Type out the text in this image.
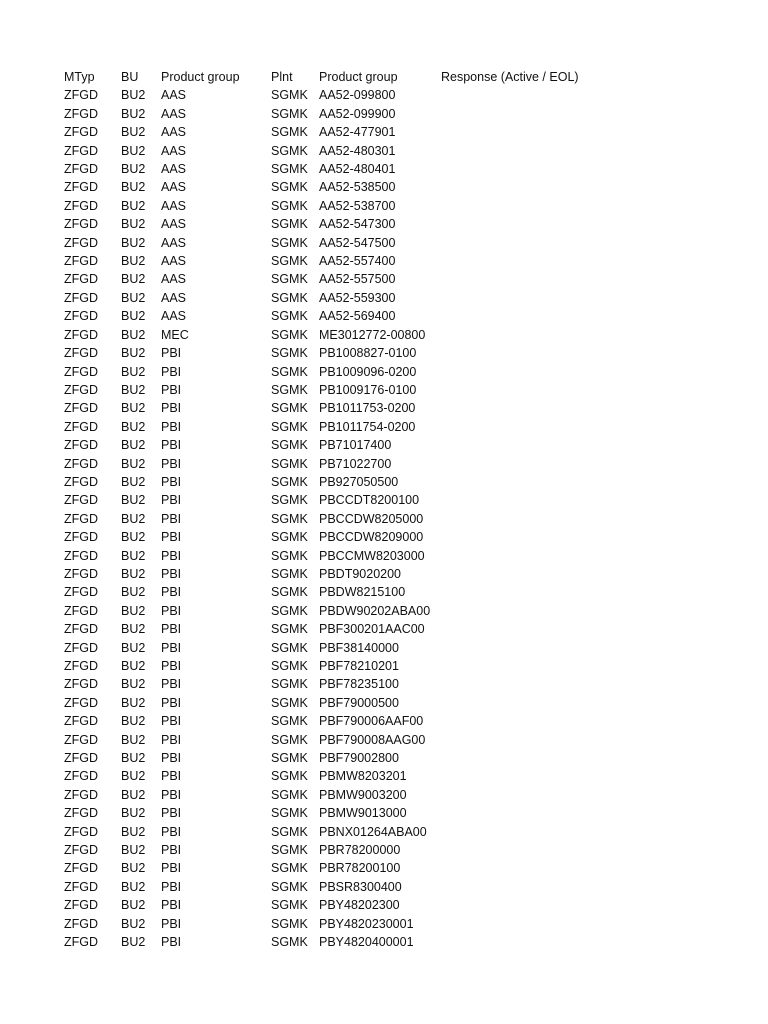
MTyp	BU	Product group	Plnt	Product group	Response (Active / EOL)
ZFGD	BU2	AAS	SGMK	AA52-099800	
ZFGD	BU2	AAS	SGMK	AA52-099900	
ZFGD	BU2	AAS	SGMK	AA52-477901	
ZFGD	BU2	AAS	SGMK	AA52-480301	
ZFGD	BU2	AAS	SGMK	AA52-480401	
ZFGD	BU2	AAS	SGMK	AA52-538500	
ZFGD	BU2	AAS	SGMK	AA52-538700	
ZFGD	BU2	AAS	SGMK	AA52-547300	
ZFGD	BU2	AAS	SGMK	AA52-547500	
ZFGD	BU2	AAS	SGMK	AA52-557400	
ZFGD	BU2	AAS	SGMK	AA52-557500	
ZFGD	BU2	AAS	SGMK	AA52-559300	
ZFGD	BU2	AAS	SGMK	AA52-569400	
ZFGD	BU2	MEC	SGMK	ME3012772-00800	
ZFGD	BU2	PBI	SGMK	PB1008827-0100	
ZFGD	BU2	PBI	SGMK	PB1009096-0200	
ZFGD	BU2	PBI	SGMK	PB1009176-0100	
ZFGD	BU2	PBI	SGMK	PB1011753-0200	
ZFGD	BU2	PBI	SGMK	PB1011754-0200	
ZFGD	BU2	PBI	SGMK	PB71017400	
ZFGD	BU2	PBI	SGMK	PB71022700	
ZFGD	BU2	PBI	SGMK	PB927050500	
ZFGD	BU2	PBI	SGMK	PBCCDT8200100	
ZFGD	BU2	PBI	SGMK	PBCCDW8205000	
ZFGD	BU2	PBI	SGMK	PBCCDW8209000	
ZFGD	BU2	PBI	SGMK	PBCCMW8203000	
ZFGD	BU2	PBI	SGMK	PBDT9020200	
ZFGD	BU2	PBI	SGMK	PBDW8215100	
ZFGD	BU2	PBI	SGMK	PBDW90202ABA00	
ZFGD	BU2	PBI	SGMK	PBF300201AAC00	
ZFGD	BU2	PBI	SGMK	PBF38140000	
ZFGD	BU2	PBI	SGMK	PBF78210201	
ZFGD	BU2	PBI	SGMK	PBF78235100	
ZFGD	BU2	PBI	SGMK	PBF79000500	
ZFGD	BU2	PBI	SGMK	PBF790006AAF00	
ZFGD	BU2	PBI	SGMK	PBF790008AAG00	
ZFGD	BU2	PBI	SGMK	PBF79002800	
ZFGD	BU2	PBI	SGMK	PBMW8203201	
ZFGD	BU2	PBI	SGMK	PBMW9003200	
ZFGD	BU2	PBI	SGMK	PBMW9013000	
ZFGD	BU2	PBI	SGMK	PBNX01264ABA00	
ZFGD	BU2	PBI	SGMK	PBR78200000	
ZFGD	BU2	PBI	SGMK	PBR78200100	
ZFGD	BU2	PBI	SGMK	PBSR8300400	
ZFGD	BU2	PBI	SGMK	PBY48202300	
ZFGD	BU2	PBI	SGMK	PBY4820230001	
ZFGD	BU2	PBI	SGMK	PBY4820400001	
